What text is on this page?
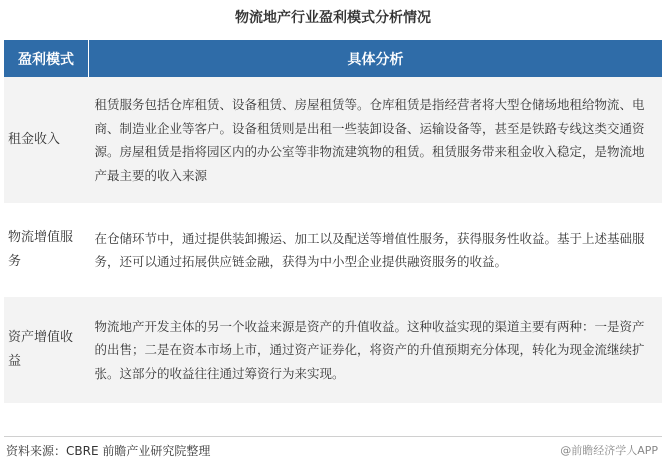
物流地产行业盈利模式分析情况
盈利模式	具体分析
租金收入	租赁服务包括仓库租赁、设备租赁、房屋租赁等。仓库租赁是指经营者将大型仓储场地租给物流、电商、制造业企业等客户。设备租赁则是出租一些装卸设备、运输设备等，甚至是铁路专线这类交通资源。房屋租赁是指将园区内的办公室等非物流建筑物的租赁。租赁服务带来租金收入稳定，是物流地产最主要的收入来源
物流增值服务	在仓储环节中，通过提供装卸搬运、加工以及配送等增值性服务，获得服务性收益。基于上述基础服务，还可以通过拓展供应链金融，获得为中小型企业提供融资服务的收益。
资产增值收益	物流地产开发主体的另一个收益来源是资产的升值收益。这种收益实现的渠道主要有两种：一是资产的出售；二是在资本市场上市，通过资产证券化，将资产的升值预期充分体现，转化为现金流继续扩张。这部分的收益往往通过筹资行为来实现。
资料来源：CBRE 前瞻产业研究院整理	@前瞻经济学人APP
